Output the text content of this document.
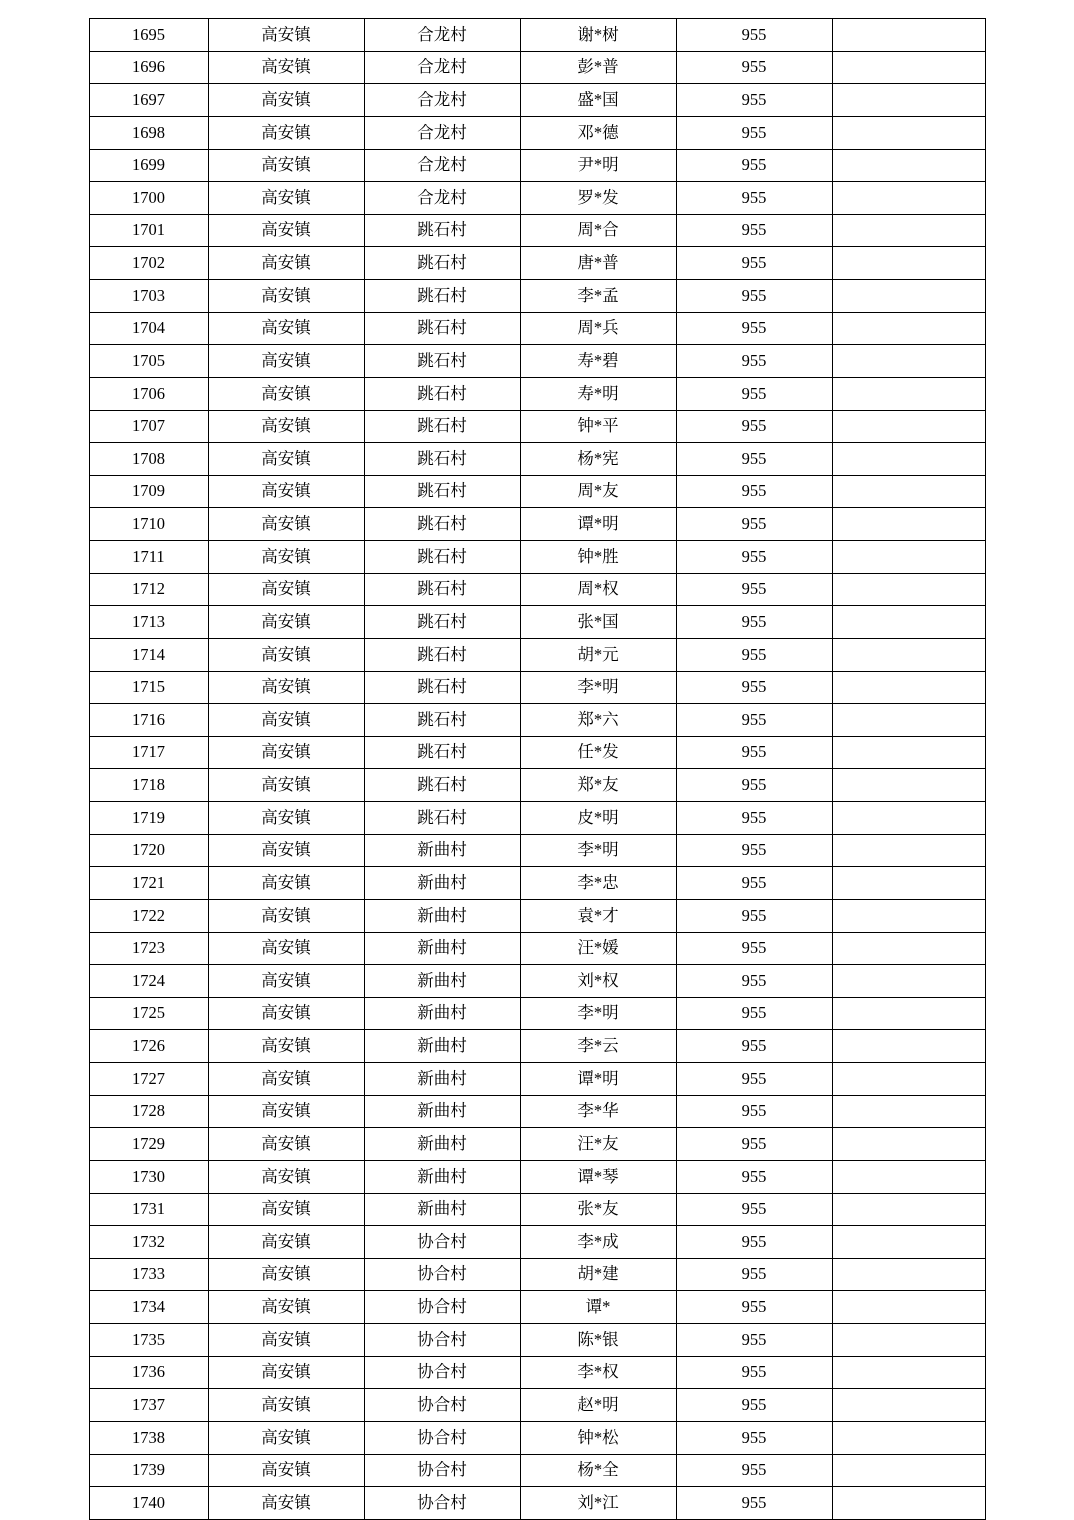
1695	高安镇	合龙村	谢*树	955	
1696	高安镇	合龙村	彭*普	955	
1697	高安镇	合龙村	盛*国	955	
1698	高安镇	合龙村	邓*德	955	
1699	高安镇	合龙村	尹*明	955	
1700	高安镇	合龙村	罗*发	955	
1701	高安镇	跳石村	周*合	955	
1702	高安镇	跳石村	唐*普	955	
1703	高安镇	跳石村	李*孟	955	
1704	高安镇	跳石村	周*兵	955	
1705	高安镇	跳石村	寿*碧	955	
1706	高安镇	跳石村	寿*明	955	
1707	高安镇	跳石村	钟*平	955	
1708	高安镇	跳石村	杨*宪	955	
1709	高安镇	跳石村	周*友	955	
1710	高安镇	跳石村	谭*明	955	
1711	高安镇	跳石村	钟*胜	955	
1712	高安镇	跳石村	周*权	955	
1713	高安镇	跳石村	张*国	955	
1714	高安镇	跳石村	胡*元	955	
1715	高安镇	跳石村	李*明	955	
1716	高安镇	跳石村	郑*六	955	
1717	高安镇	跳石村	任*发	955	
1718	高安镇	跳石村	郑*友	955	
1719	高安镇	跳石村	皮*明	955	
1720	高安镇	新曲村	李*明	955	
1721	高安镇	新曲村	李*忠	955	
1722	高安镇	新曲村	袁*才	955	
1723	高安镇	新曲村	汪*媛	955	
1724	高安镇	新曲村	刘*权	955	
1725	高安镇	新曲村	李*明	955	
1726	高安镇	新曲村	李*云	955	
1727	高安镇	新曲村	谭*明	955	
1728	高安镇	新曲村	李*华	955	
1729	高安镇	新曲村	汪*友	955	
1730	高安镇	新曲村	谭*琴	955	
1731	高安镇	新曲村	张*友	955	
1732	高安镇	协合村	李*成	955	
1733	高安镇	协合村	胡*建	955	
1734	高安镇	协合村	谭*	955	
1735	高安镇	协合村	陈*银	955	
1736	高安镇	协合村	李*权	955	
1737	高安镇	协合村	赵*明	955	
1738	高安镇	协合村	钟*松	955	
1739	高安镇	协合村	杨*全	955	
1740	高安镇	协合村	刘*江	955	
